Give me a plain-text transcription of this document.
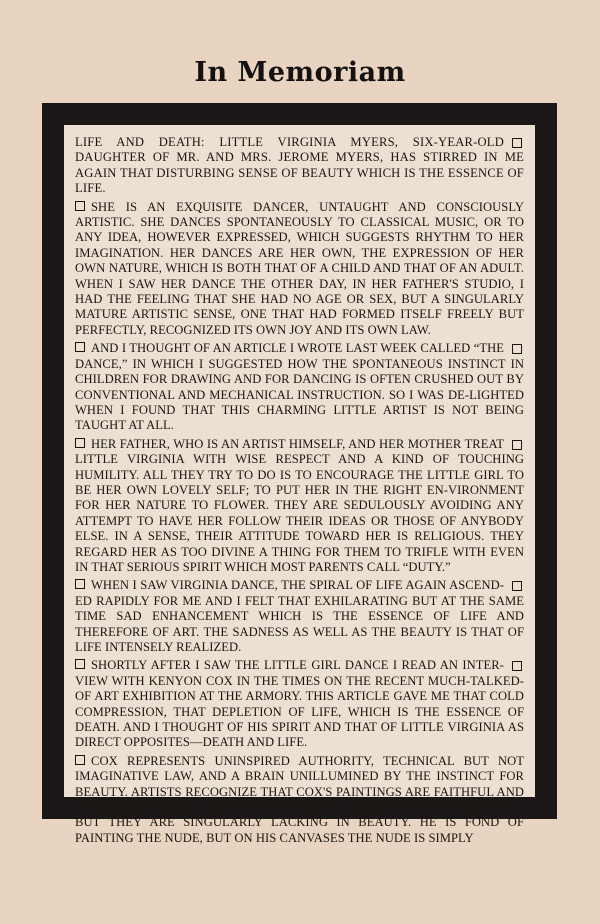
In Memoriam

LIFE AND DEATH: LITTLE VIRGINIA MYERS, SIX-YEAR-OLD DAUGHTER OF MR. AND MRS. JEROME MYERS, HAS STIRRED IN ME AGAIN THAT DISTURBING SENSE OF BEAUTY WHICH IS THE ESSENCE OF LIFE.

SHE IS AN EXQUISITE DANCER, UNTAUGHT AND CONSCIOUSLY ARTISTIC. SHE DANCES SPONTANEOUSLY TO CLASSICAL MUSIC, OR TO ANY IDEA, HOWEVER EXPRESSED, WHICH SUGGESTS RHYTHM TO HER IMAGINATION. HER DANCES ARE HER OWN, THE EXPRESSION OF HER OWN NATURE, WHICH IS BOTH THAT OF A CHILD AND THAT OF AN ADULT. WHEN I SAW HER DANCE THE OTHER DAY, IN HER FATHER'S STUDIO, I HAD THE FEELING THAT SHE HAD NO AGE OR SEX, BUT A SINGULARLY MATURE ARTISTIC SENSE, ONE THAT HAD FORMED ITSELF FREELY BUT PERFECTLY, RECOGNIZED ITS OWN JOY AND ITS OWN LAW.

AND I THOUGHT OF AN ARTICLE I WROTE LAST WEEK CALLED “THE DANCE,” IN WHICH I SUGGESTED HOW THE SPONTANEOUS INSTINCT IN CHILDREN FOR DRAWING AND FOR DANCING IS OFTEN CRUSHED OUT BY CONVENTIONAL AND MECHANICAL INSTRUCTION. SO I WAS DE-LIGHTED WHEN I FOUND THAT THIS CHARMING LITTLE ARTIST IS NOT BEING TAUGHT AT ALL.

HER FATHER, WHO IS AN ARTIST HIMSELF, AND HER MOTHER TREAT LITTLE VIRGINIA WITH WISE RESPECT AND A KIND OF TOUCHING HUMILITY. ALL THEY TRY TO DO IS TO ENCOURAGE THE LITTLE GIRL TO BE HER OWN LOVELY SELF; TO PUT HER IN THE RIGHT EN-VIRONMENT FOR HER NATURE TO FLOWER. THEY ARE SEDULOUSLY AVOIDING ANY ATTEMPT TO HAVE HER FOLLOW THEIR IDEAS OR THOSE OF ANYBODY ELSE. IN A SENSE, THEIR ATTITUDE TOWARD HER IS RELIGIOUS. THEY REGARD HER AS TOO DIVINE A THING FOR THEM TO TRIFLE WITH EVEN IN THAT SERIOUS SPIRIT WHICH MOST PARENTS CALL “DUTY.”

WHEN I SAW VIRGINIA DANCE, THE SPIRAL OF LIFE AGAIN ASCEND-ED RAPIDLY FOR ME AND I FELT THAT EXHILARATING BUT AT THE SAME TIME SAD ENHANCEMENT WHICH IS THE ESSENCE OF LIFE AND THEREFORE OF ART. THE SADNESS AS WELL AS THE BEAUTY IS THAT OF LIFE INTENSELY REALIZED.

SHORTLY AFTER I SAW THE LITTLE GIRL DANCE I READ AN INTER-VIEW WITH KENYON COX IN THE TIMES ON THE RECENT MUCH-TALKED-OF ART EXHIBITION AT THE ARMORY. THIS ARTICLE GAVE ME THAT COLD COMPRESSION, THAT DEPLETION OF LIFE, WHICH IS THE ESSENCE OF DEATH. AND I THOUGHT OF HIS SPIRIT AND THAT OF LITTLE VIRGINIA AS DIRECT OPPOSITES—DEATH AND LIFE.

COX REPRESENTS UNINSPIRED AUTHORITY, TECHNICAL BUT NOT IMAGINATIVE LAW, AND A BRAIN UNILLUMINED BY THE INSTINCT FOR BEAUTY. ARTISTS RECOGNIZE THAT COX'S PAINTINGS ARE FAITHFUL AND INTELLIGENT REPLICAS OF INSTITUTIONAL RULES AND REGULA-TIONS. BUT THEY ARE SINGULARLY LACKING IN BEAUTY. HE IS FOND OF PAINTING THE NUDE, BUT ON HIS CANVASES THE NUDE IS SIMPLY
